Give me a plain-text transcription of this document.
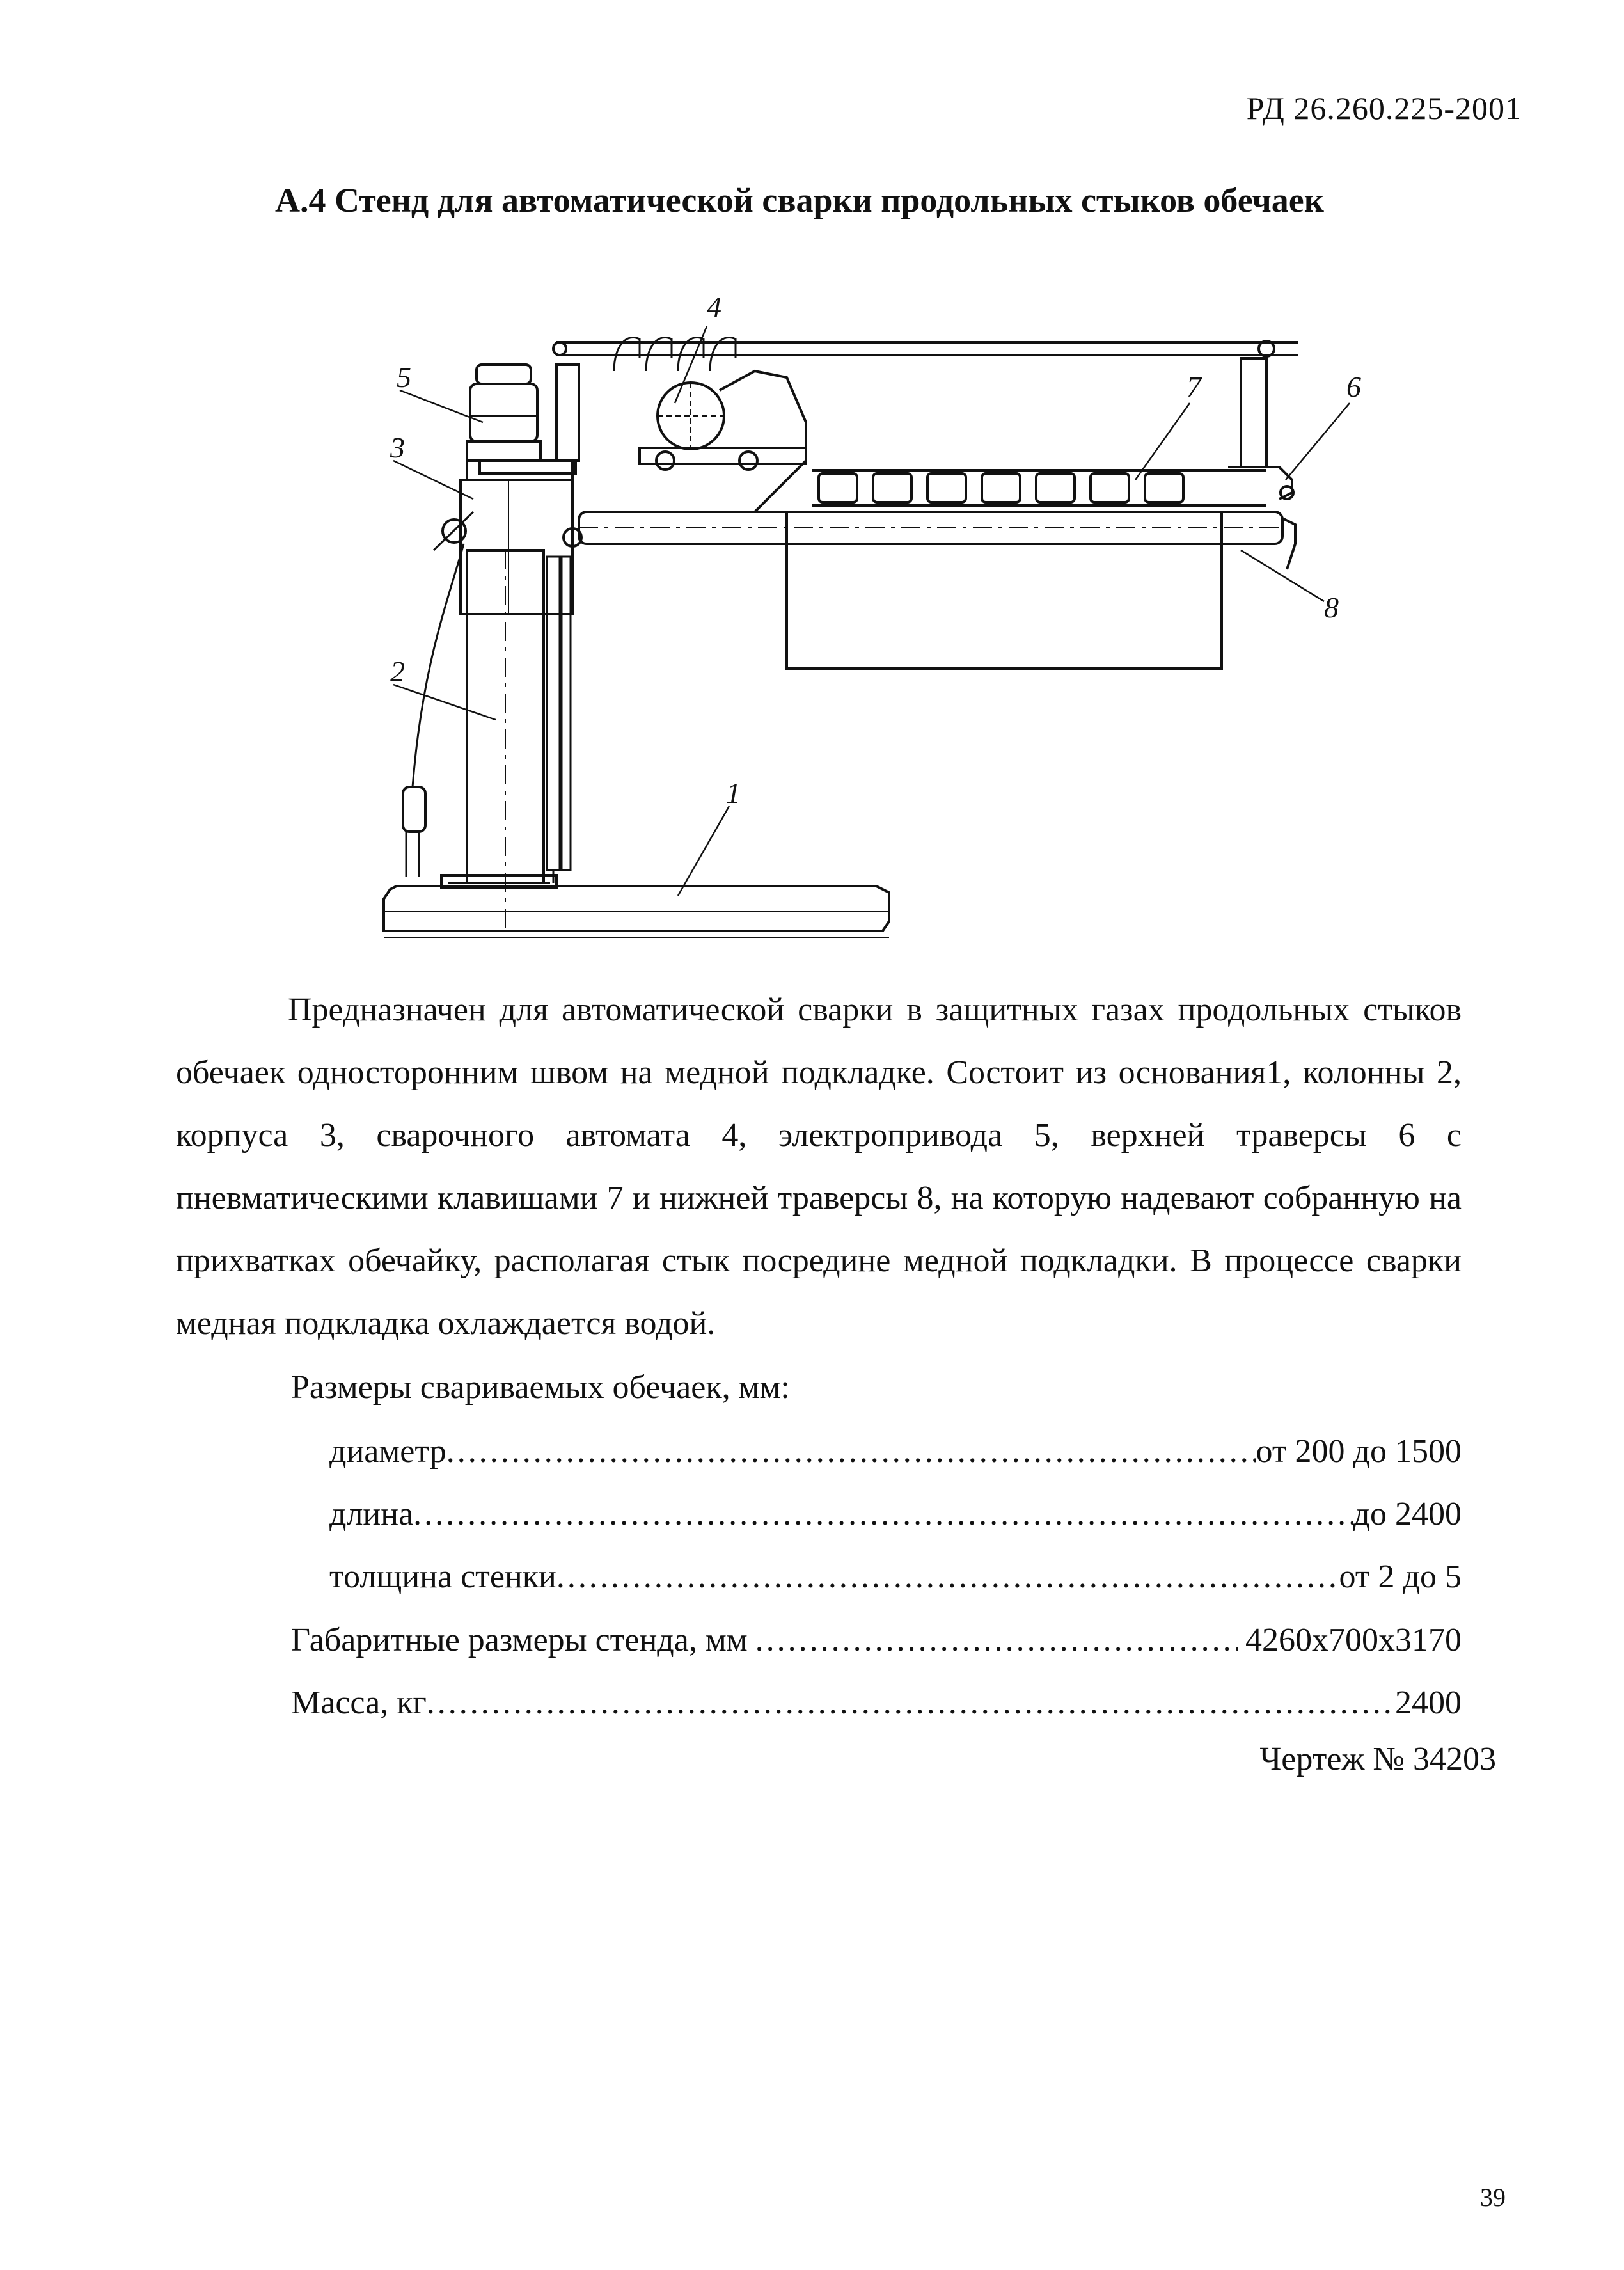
РД 26.260.225-2001
А.4 Стенд для автоматической сварки продольных стыков обечаек
5
3
2
4
7	6
8
1
Предназначен для автоматической сварки в защитных газах продольных стыков обечаек односторонним швом на медной подкладке. Состоит из основания1, колонны 2, корпуса 3, сварочного автомата 4, электропривода 5, верхней траверсы 6 с пневматическими клавишами 7 и нижней траверсы 8, на которую надевают собранную на прихватках обечайку, располагая стык посредине медной подкладки. В процессе сварки медная подкладка охлаждается водой.
Размеры свариваемых обечаек, мм:
диаметр .....	от 200 до 1500
длина .....	до 2400
толщина стенки .....	от 2 до 5
Габаритные размеры стенда, мм .....	4260х700х3170
Масса, кг .....	2400
Чертеж № 34203
39
